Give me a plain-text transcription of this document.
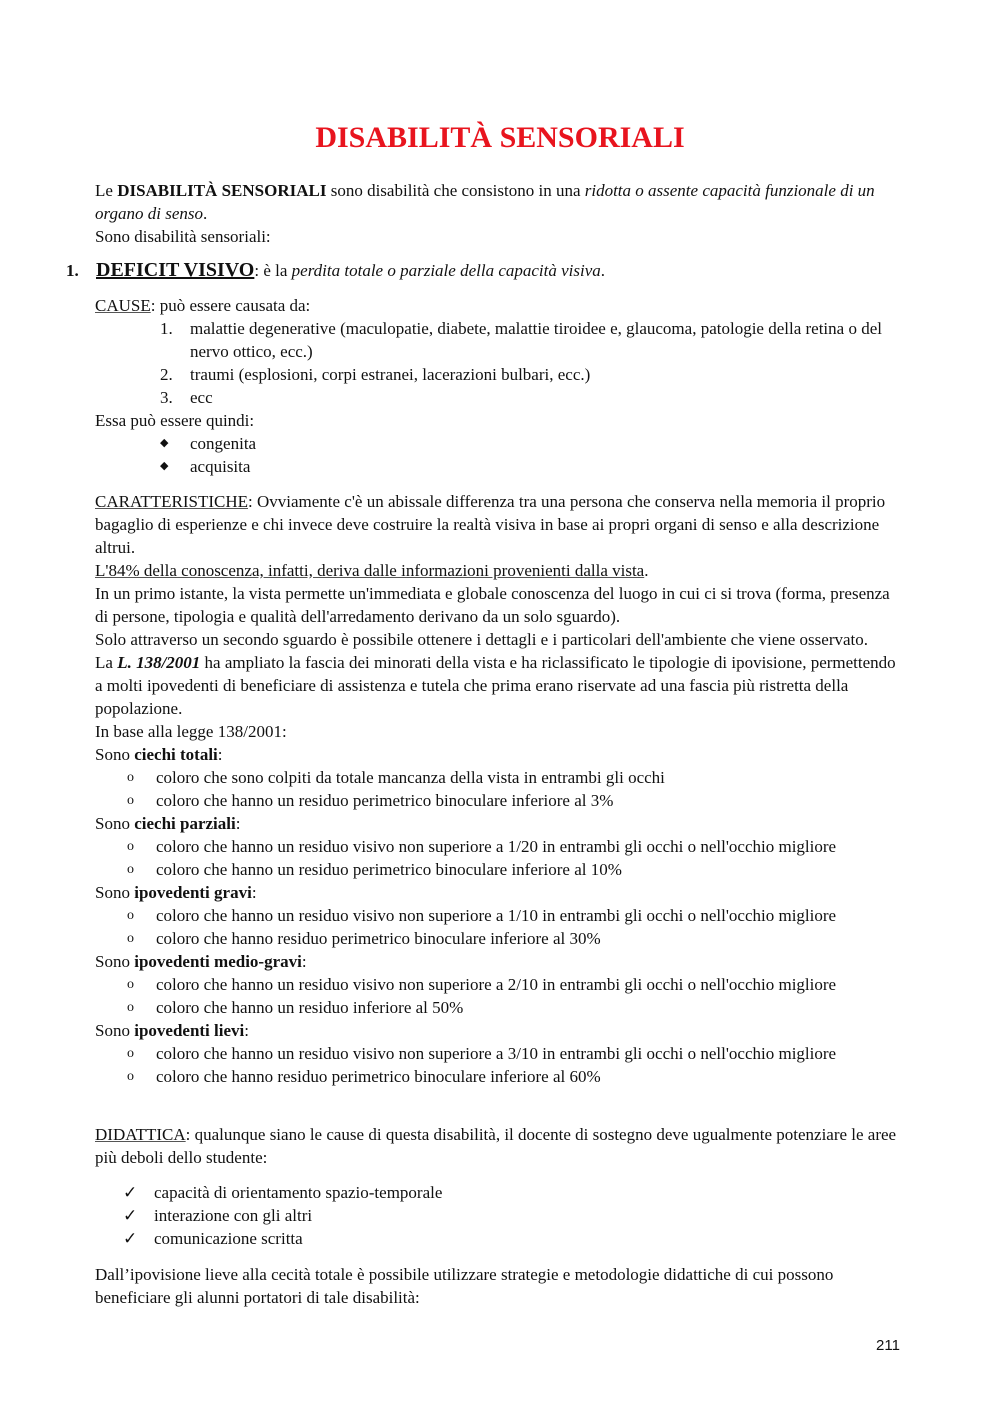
DISABILITÀ SENSORIALI

Le DISABILITÀ SENSORIALI sono disabilità che consistono in una ridotta o assente capacità funzionale di un organo di senso.

Sono disabilità sensoriali:

1. DEFICIT VISIVO: è la perdita totale o parziale della capacità visiva.

CAUSE: può essere causata da:

1. malattie degenerative (maculopatie, diabete, malattie tiroidee e, glaucoma, patologie della retina o del nervo ottico, ecc.)
2. traumi (esplosioni, corpi estranei, lacerazioni bulbari, ecc.)
3. ecc

Essa può essere quindi:

◆ congenita
◆ acquisita

CARATTERISTICHE: Ovviamente c'è un abissale differenza tra una persona che conserva nella memoria il proprio bagaglio di esperienze e chi invece deve costruire la realtà visiva in base ai propri organi di senso e alla descrizione altrui.

L'84% della conoscenza, infatti, deriva dalle informazioni provenienti dalla vista.

In un primo istante, la vista permette un'immediata e globale conoscenza del luogo in cui ci si trova (forma, presenza di persone, tipologia e qualità dell'arredamento derivano da un solo sguardo).

Solo attraverso un secondo sguardo è possibile ottenere i dettagli e i particolari dell'ambiente che viene osservato.

La L. 138/2001 ha ampliato la fascia dei minorati della vista e ha riclassificato le tipologie di ipovisione, permettendo a molti ipovedenti di beneficiare di assistenza e tutela che prima erano riservate ad una fascia più ristretta della popolazione.

In base alla legge 138/2001:

Sono ciechi totali:

o coloro che sono colpiti da totale mancanza della vista in entrambi gli occhi
o coloro che hanno un residuo perimetrico binoculare inferiore al 3%

Sono ciechi parziali:

o coloro che hanno un residuo visivo non superiore a 1/20 in entrambi gli occhi o nell'occhio migliore
o coloro che hanno un residuo perimetrico binoculare inferiore al 10%

Sono ipovedenti gravi:

o coloro che hanno un residuo visivo non superiore a 1/10 in entrambi gli occhi o nell'occhio migliore
o coloro che hanno residuo perimetrico binoculare inferiore al 30%

Sono ipovedenti medio-gravi:

o coloro che hanno un residuo visivo non superiore a 2/10 in entrambi gli occhi o nell'occhio migliore
o coloro che hanno un residuo inferiore al 50%

Sono ipovedenti lievi:

o coloro che hanno un residuo visivo non superiore a 3/10 in entrambi gli occhi o nell'occhio migliore
o coloro che hanno residuo perimetrico binoculare inferiore al 60%

DIDATTICA: qualunque siano le cause di questa disabilità, il docente di sostegno deve ugualmente potenziare le aree più deboli dello studente:

✓ capacità di orientamento spazio-temporale
✓ interazione con gli altri
✓ comunicazione scritta

Dall’ipovisione lieve alla cecità totale è possibile utilizzare strategie e metodologie didattiche di cui possono beneficiare gli alunni portatori di tale disabilità:

211
